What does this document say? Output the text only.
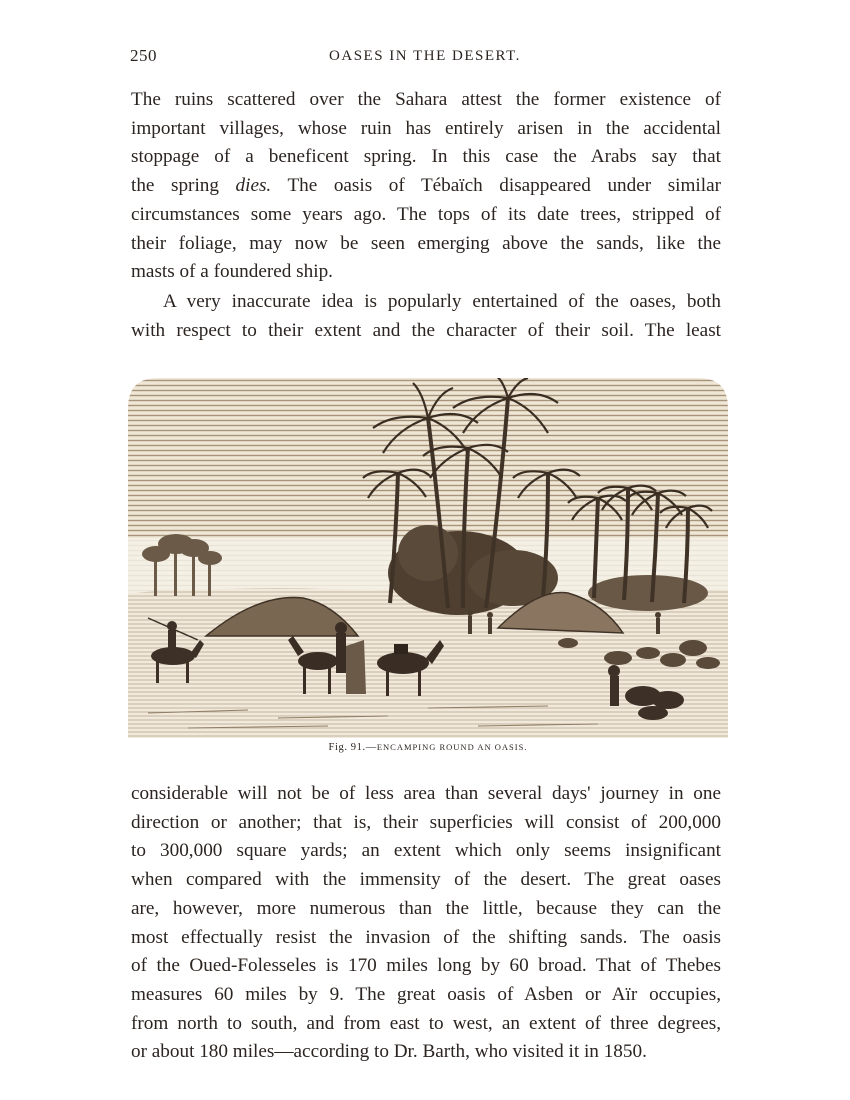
250	OASES IN THE DESERT.
The ruins scattered over the Sahara attest the former existence of
important villages, whose ruin has entirely arisen in the accidental
stoppage of a beneficent spring. In this case the Arabs say that
the spring dies. The oasis of Tébaïch disappeared under similar
circumstances some years ago. The tops of its date trees, stripped of
their foliage, may now be seen emerging above the sands, like the
masts of a foundered ship.
A very inaccurate idea is popularly entertained of the oases, both
with respect to their extent and the character of their soil. The least
Fig. 91.—ENCAMPING ROUND AN OASIS.
considerable will not be of less area than several days' journey in one
direction or another; that is, their superficies will consist of 200,000
to 300,000 square yards; an extent which only seems insignificant
when compared with the immensity of the desert. The great oases
are, however, more numerous than the little, because they can the
most effectually resist the invasion of the shifting sands. The oasis
of the Oued-Folesseles is 170 miles long by 60 broad. That of Thebes
measures 60 miles by 9. The great oasis of Asben or Aïr occupies,
from north to south, and from east to west, an extent of three degrees,
or about 180 miles—according to Dr. Barth, who visited it in 1850.
